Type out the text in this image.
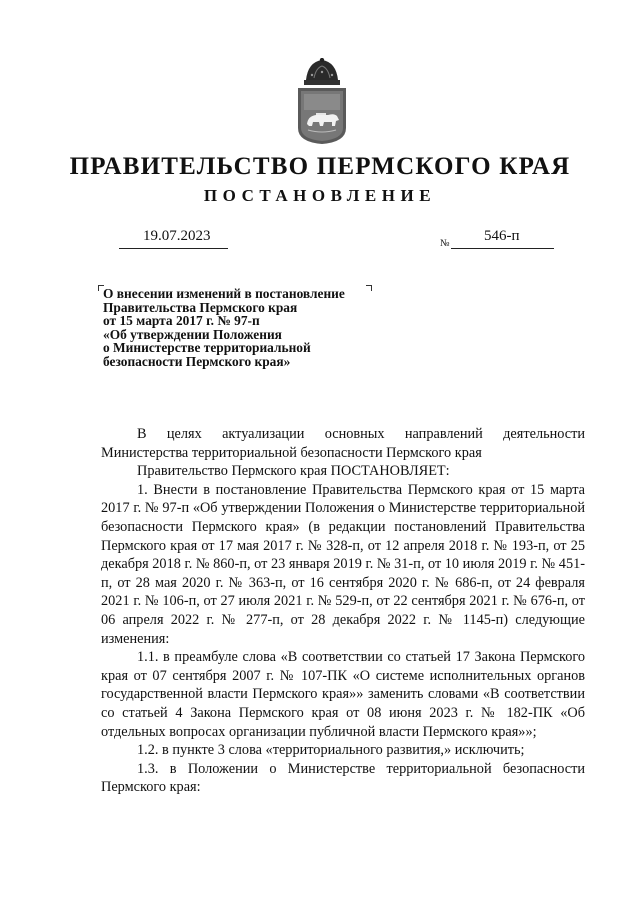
ПРАВИТЕЛЬСТВО ПЕРМСКОГО КРАЯ
ПОСТАНОВЛЕНИЕ
19.07.2023	№ 546-п
О внесении изменений в постановление
Правительства Пермского края
от 15 марта 2017 г. № 97-п
«Об утверждении Положения
о Министерстве территориальной
безопасности Пермского края»

В целях актуализации основных направлений деятельности Министерства территориальной безопасности Пермского края

Правительство Пермского края ПОСТАНОВЛЯЕТ:

1. Внести в постановление Правительства Пермского края от 15 марта 2017 г. № 97-п «Об утверждении Положения о Министерстве территориальной безопасности Пермского края» (в редакции постановлений Правительства Пермского края от 17 мая 2017 г. № 328-п, от 12 апреля 2018 г. № 193-п, от 25 декабря 2018 г. № 860-п, от 23 января 2019 г. № 31-п, от 10 июля 2019 г. № 451-п, от 28 мая 2020 г. № 363-п, от 16 сентября 2020 г. № 686-п, от 24 февраля 2021 г. № 106-п, от 27 июля 2021 г. № 529-п, от 22 сентября 2021 г. № 676-п, от 06 апреля 2022 г. № 277-п, от 28 декабря 2022 г. № 1145-п) следующие изменения:

1.1. в преамбуле слова «В соответствии со статьей 17 Закона Пермского края от 07 сентября 2007 г. № 107-ПК «О системе исполнительных органов государственной власти Пермского края»» заменить словами «В соответствии со статьей 4 Закона Пермского края от 08 июня 2023 г. № 182-ПК «Об отдельных вопросах организации публичной власти Пермского края»»;

1.2. в пункте 3 слова «территориального развития,» исключить;

1.3. в Положении о Министерстве территориальной безопасности Пермского края:
